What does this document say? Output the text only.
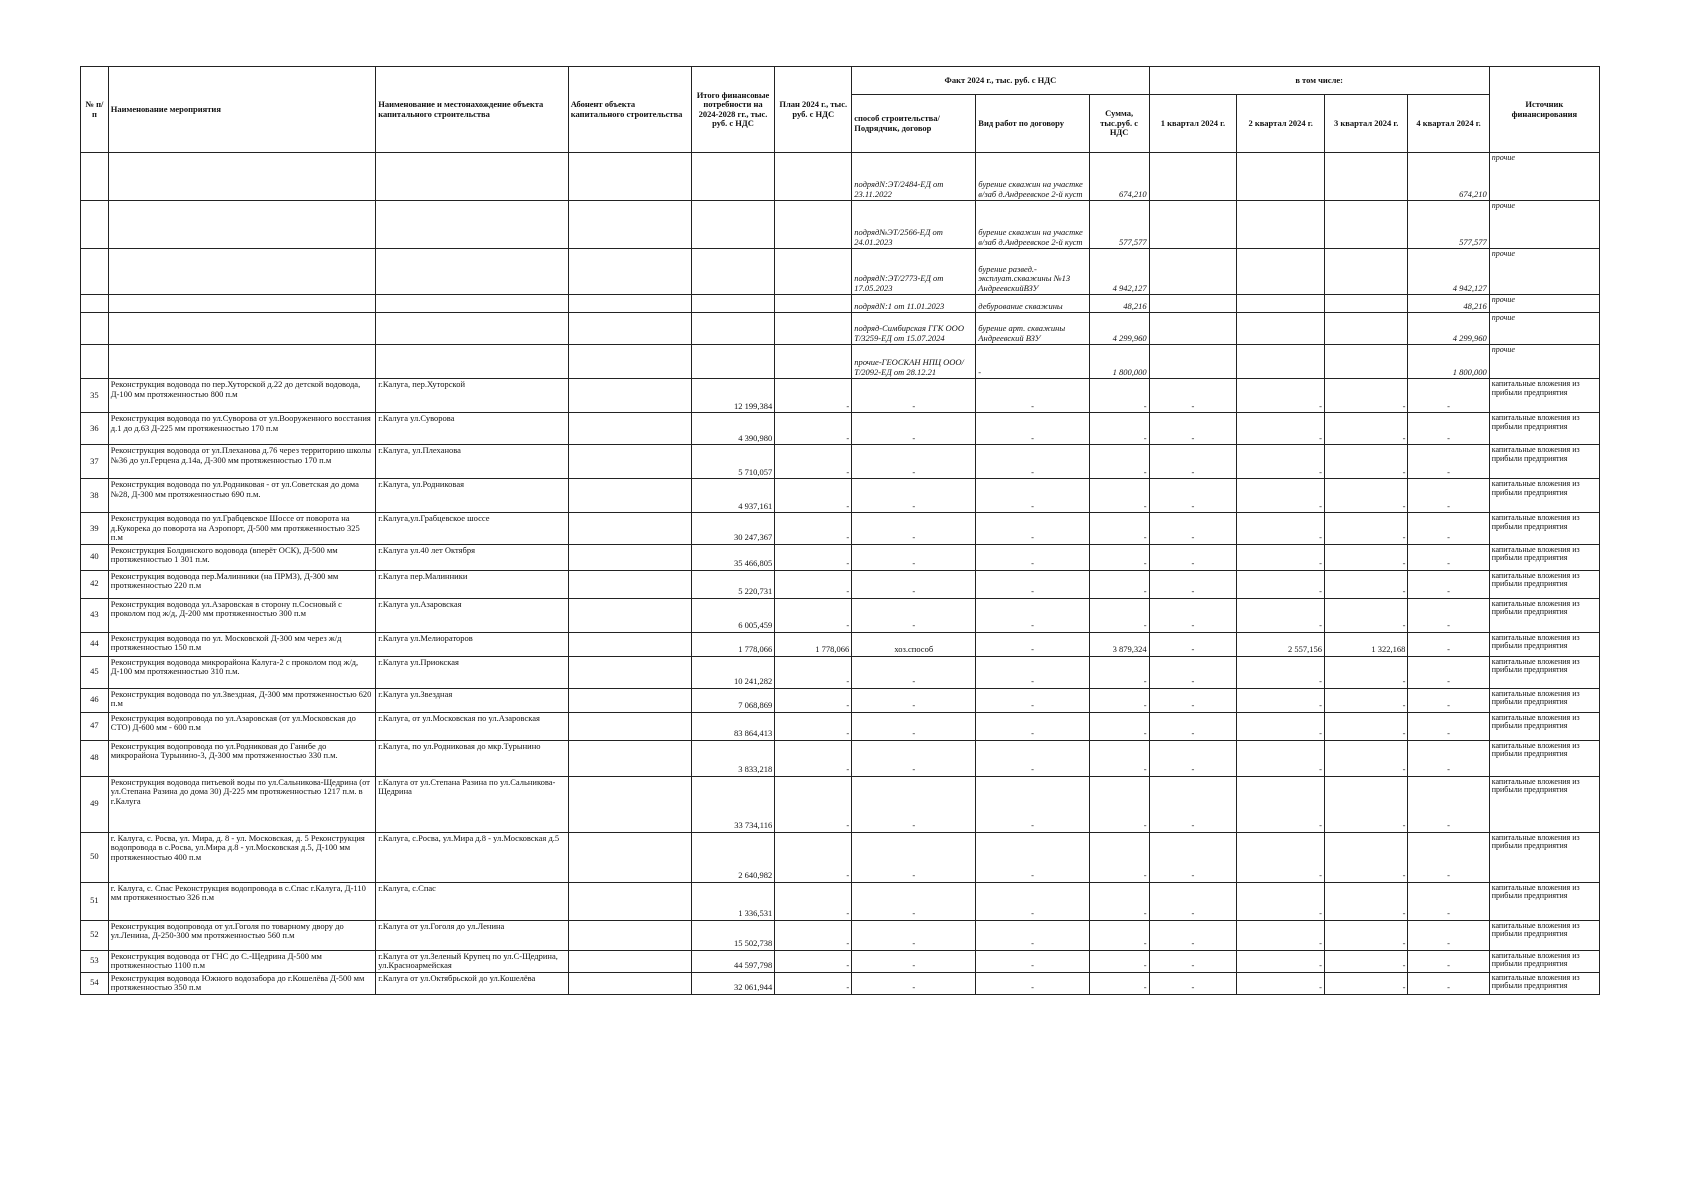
№ п/п	Наименование мероприятия	Наименование и местонахождение объекта капитального строительства	Абонент объекта капитального строительства	Итого финансовые потребности на 2024-2028 гг., тыс. руб. с НДС	План 2024 г., тыс. руб. с НДС	Факт 2024 г., тыс. руб. с НДС			в том числе:				Источник финансирования
						способ строительства/ Подрядчик, договор	Вид работ по договору	Сумма, тыс.руб. с НДС	1 квартал 2024 г.	2 квартал 2024 г.	3 квартал 2024 г.	4 квартал 2024 г.	
						подрядN:ЭТ/2484-ЕД от 23.11.2022	бурение скважин на участке в/заб д.Андреевское 2-й куст	674,210				674,210	прочие
						подряд№ЭТ/2566-ЕД от 24.01.2023	бурение скважин на участке в/заб д.Андреевское 2-й куст	577,577				577,577	прочие
						подрядN:ЭТ/2773-ЕД от 17.05.2023	бурение развед.-эксплуат.скважины №13 АндреевскийВЗУ	4 942,127				4 942,127	прочие
						подрядN:1 от 11.01.2023	дебурование скважины	48,216				48,216	прочие
						подряд-Симбирская ГГК ООО Т/3259-ЕД от 15.07.2024	бурение арт. скважины Андреевский ВЗУ	4 299,960				4 299,960	прочие
						прочие-ГЕОСКАН НПЦ ООО/Т/2092-ЕД от 28.12.21	-	1 800,000				1 800,000	прочие
35	Реконструкция водовода по пер.Хуторской д.22 до детской водовода, Д-100 мм протяженностью 800 п.м	г.Калуга, пер.Хуторской		12 199,384	-	-	-	-	-	-	-	-	капитальные вложения из прибыли предприятия
36	Реконструкция водовода по ул.Суворова от ул.Вооруженного восстания д.1 до д.63 Д-225 мм протяженностью 170 п.м	г.Калуга ул.Суворова		4 390,980	-	-	-	-	-	-	-	-	капитальные вложения из прибыли предприятия
37	Реконструкция водовода от ул.Плеханова д.76 через территорию школы №36 до ул.Герцена д.14а, Д-300 мм протяженностью 170 п.м	г.Калуга, ул.Плеханова		5 710,057	-	-	-	-	-	-	-	-	капитальные вложения из прибыли предприятия
38	Реконструкция водовода по ул.Родниковая - от ул.Советская до дома №28, Д-300 мм протяженностью 690 п.м.	г.Калуга, ул.Родниковая		4 937,161	-	-	-	-	-	-	-	-	капитальные вложения из прибыли предприятия
39	Реконструкция водовода по ул.Грабцевское Шоссе от поворота на д.Кукорека до поворота на Аэропорт, Д-500 мм протяженностью 325 п.м	г.Калуга,ул.Грабцевское шоссе		30 247,367	-	-	-	-	-	-	-	-	капитальные вложения из прибыли предприятия
40	Реконструкция Болдинского водовода (вперёт ОСК), Д-500 мм протяженностью 1 301 п.м.	г.Калуга ул.40 лет Октября		35 466,805	-	-	-	-	-	-	-	-	капитальные вложения из прибыли предприятия
42	Реконструкция водовода пер.Малинники (на ПРМЗ), Д-300 мм протяженностью 220 п.м	г.Калуга пер.Малинники		5 220,731	-	-	-	-	-	-	-	-	капитальные вложения из прибыли предприятия
43	Реконструкция водовода ул.Азаровская в сторону п.Сосновый с проколом под ж/д, Д-200 мм протяженностью 300 п.м	г.Калуга ул.Азаровская		6 005,459	-	-	-	-	-	-	-	-	капитальные вложения из прибыли предприятия
44	Реконструкция водовода по ул. Московской Д-300 мм через ж/д протяженностью 150 п.м	г.Калуга ул.Мелиораторов		1 778,066	1 778,066	хоз.способ	-	3 879,324	-	2 557,156	1 322,168	-	капитальные вложения из прибыли предприятия
45	Реконструкция водовода микрорайона Калуга-2 с проколом под ж/д, Д-100 мм протяженностью 310 п.м.	г.Калуга ул.Приокская		10 241,282	-	-	-	-	-	-	-	-	капитальные вложения из прибыли предприятия
46	Реконструкция водовода по ул.Звездная, Д-300 мм протяженностью 620 п.м	г.Калуга ул.Звездная		7 068,869	-	-	-	-	-	-	-	-	капитальные вложения из прибыли предприятия
47	Реконструкция водопровода по ул.Азаровская (от ул.Московская до СТО) Д-600 мм - 600 п.м	г.Калуга, от ул.Московская по ул.Азаровская		83 864,413	-	-	-	-	-	-	-	-	капитальные вложения из прибыли предприятия
48	Реконструкция водопровода по ул.Родниковая до Ганибе до микрорайона Турынино-3, Д-300 мм протяженностью 330 п.м.	г.Калуга, по ул.Родниковая до мкр.Турынино		3 833,218	-	-	-	-	-	-	-	-	капитальные вложения из прибыли предприятия
49	Реконструкция водовода питьевой воды по ул.Сальникова-Щедрина (от ул.Степана Разина до дома 30) Д-225 мм протяженностью 1217 п.м. в г.Калуга	г.Калуга от ул.Степана Разина по ул.Сальникова-Щедрина		33 734,116	-	-	-	-	-	-	-	-	капитальные вложения из прибыли предприятия
50	г. Калуга, с. Росва, ул. Мира, д. 8 - ул. Московская, д. 5 Реконструкция водопровода в с.Росва, ул.Мира д.8 - ул.Московская д.5, Д-100 мм протяженностью 400 п.м	г.Калуга, с.Росва, ул.Мира д.8 - ул.Московская д.5		2 640,982	-	-	-	-	-	-	-	-	капитальные вложения из прибыли предприятия
51	г. Калуга, с. Спас Реконструкция водопровода в с.Спас г.Калуга, Д-110 мм протяженностью 326 п.м	г.Калуга, с.Спас		1 336,531	-	-	-	-	-	-	-	-	капитальные вложения из прибыли предприятия
52	Реконструкция водопровода от ул.Гоголя по товарному двору до ул.Ленина, Д-250-300 мм протяженностью 560 п.м	г.Калуга от ул.Гоголя до ул.Ленина		15 502,738	-	-	-	-	-	-	-	-	капитальные вложения из прибыли предприятия
53	Реконструкция водовода от ГНС до С.-Щедрина Д-500 мм протяженностью 1100 п.м	г.Калуга от ул.Зеленый Крупец по ул.С-Щедрина, ул.Красноармейская		44 597,798	-	-	-	-	-	-	-	-	капитальные вложения из прибыли предприятия
54	Реконструкция водовода Южного водозабора до г.Кошелёва Д-500 мм протяженностью 350 п.м	г.Калуга от ул.Октябрьской до ул.Кошелёва		32 061,944	-	-	-	-	-	-	-	-	капитальные вложения из прибыли предприятия
